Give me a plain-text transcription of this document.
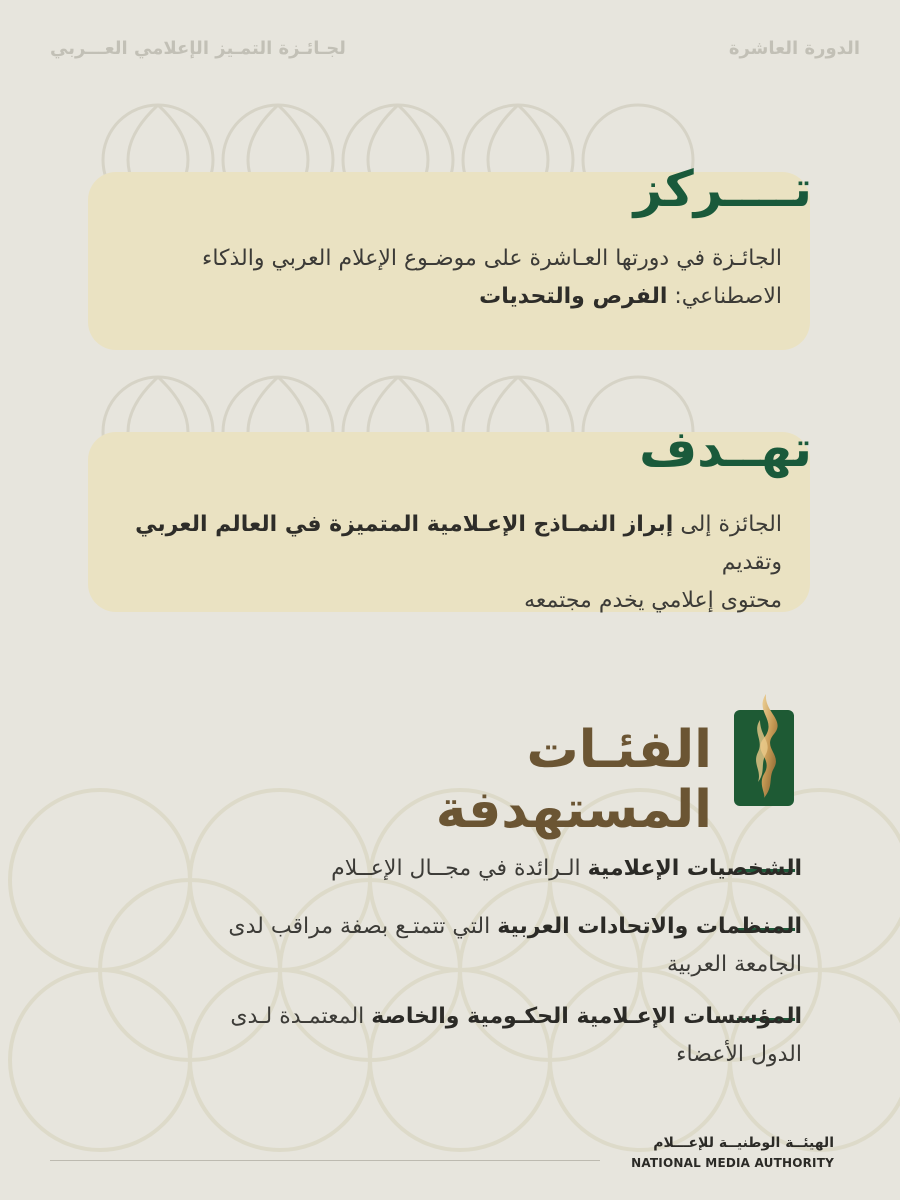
الدورة العاشرة
لجـائـزة التمـيز الإعلامي العـــربي
تــــركز
الجائـزة في دورتها العـاشرة على موضـوع الإعلام العربي والذكاء
الاصطناعي: الفرص والتحديات
تهــدف
الجائزة إلى إبراز النمـاذج الإعـلامية المتميزة في العالم العربي وتقديم
محتوى إعلامي يخدم مجتمعه
الفئـات
المستهدفة
الشخصيات الإعلامية الـرائدة في مجــال الإعــلام
المنظمات والاتحادات العربية التي تتمتـع بصفة مراقب لدى
الجامعة العربية
المؤسسات الإعـلامية الحكـومية والخاصة المعتمـدة لـدى
الدول الأعضاء
الهيئــة الوطنيــة للإعـــلام
NATIONAL MEDIA AUTHORITY
